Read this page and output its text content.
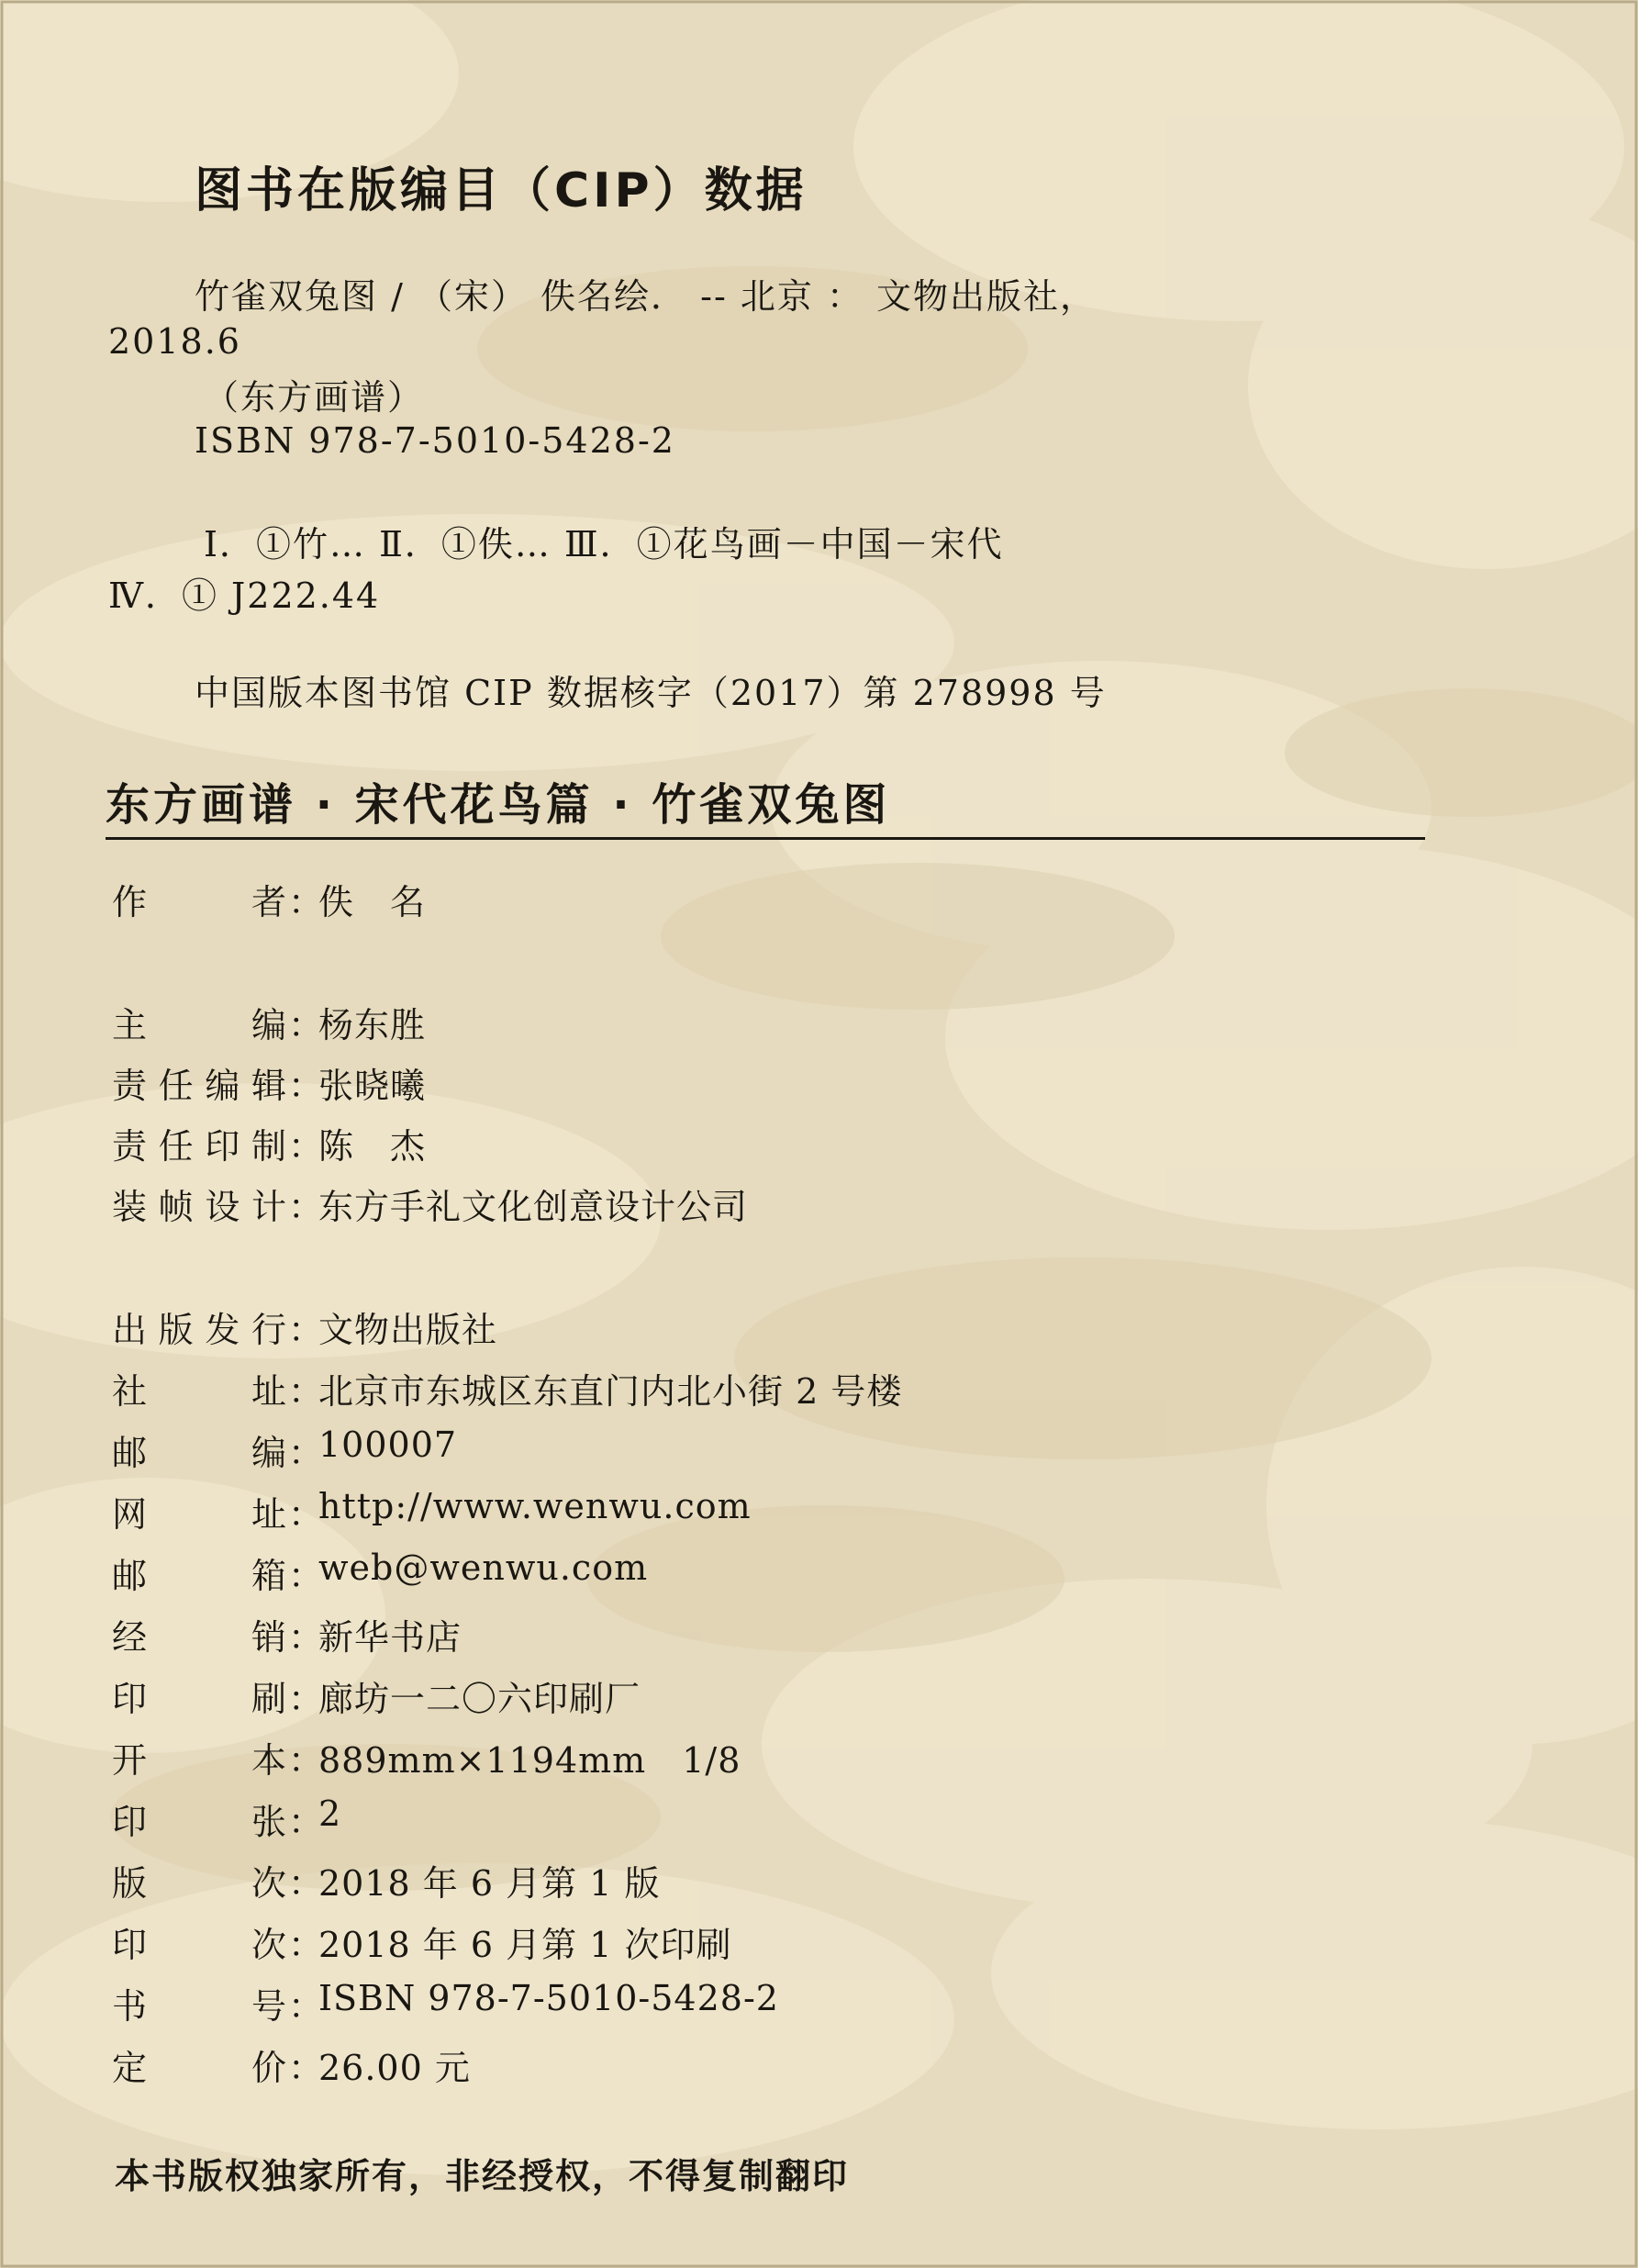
图书在版编目（CIP）数据
竹雀双兔图 / （宋） 佚名绘． -- 北京 ： 文物出版社，
2018.6
（东方画谱）
ISBN 978-7-5010-5428-2
Ⅰ．①竹… Ⅱ．①佚… Ⅲ．①花鸟画－中国－宋代
Ⅳ．① J222.44
中国版本图书馆 CIP 数据核字（2017）第 278998 号
东方画谱 · 宋代花鸟篇 · 竹雀双兔图
作者 ：
佚　名
主编 ：
杨东胜
责任编辑 ：
张晓曦
责任印制 ：
陈　杰
装帧设计 ：
东方手礼文化创意设计公司
出版发行 ：
文物出版社
社址 ：
北京市东城区东直门内北小街 2 号楼
邮编 ：
100007
网址 ：
http://www.wenwu.com
邮箱 ：
web@wenwu.com
经销 ：
新华书店
印刷 ：
廊坊一二〇六印刷厂
开本 ：
889mm×1194mm　1/8
印张 ：
2
版次 ：
2018 年 6 月第 1 版
印次 ：
2018 年 6 月第 1 次印刷
书号 ：
ISBN 978-7-5010-5428-2
定价 ：
26.00 元
本书版权独家所有，非经授权，不得复制翻印
